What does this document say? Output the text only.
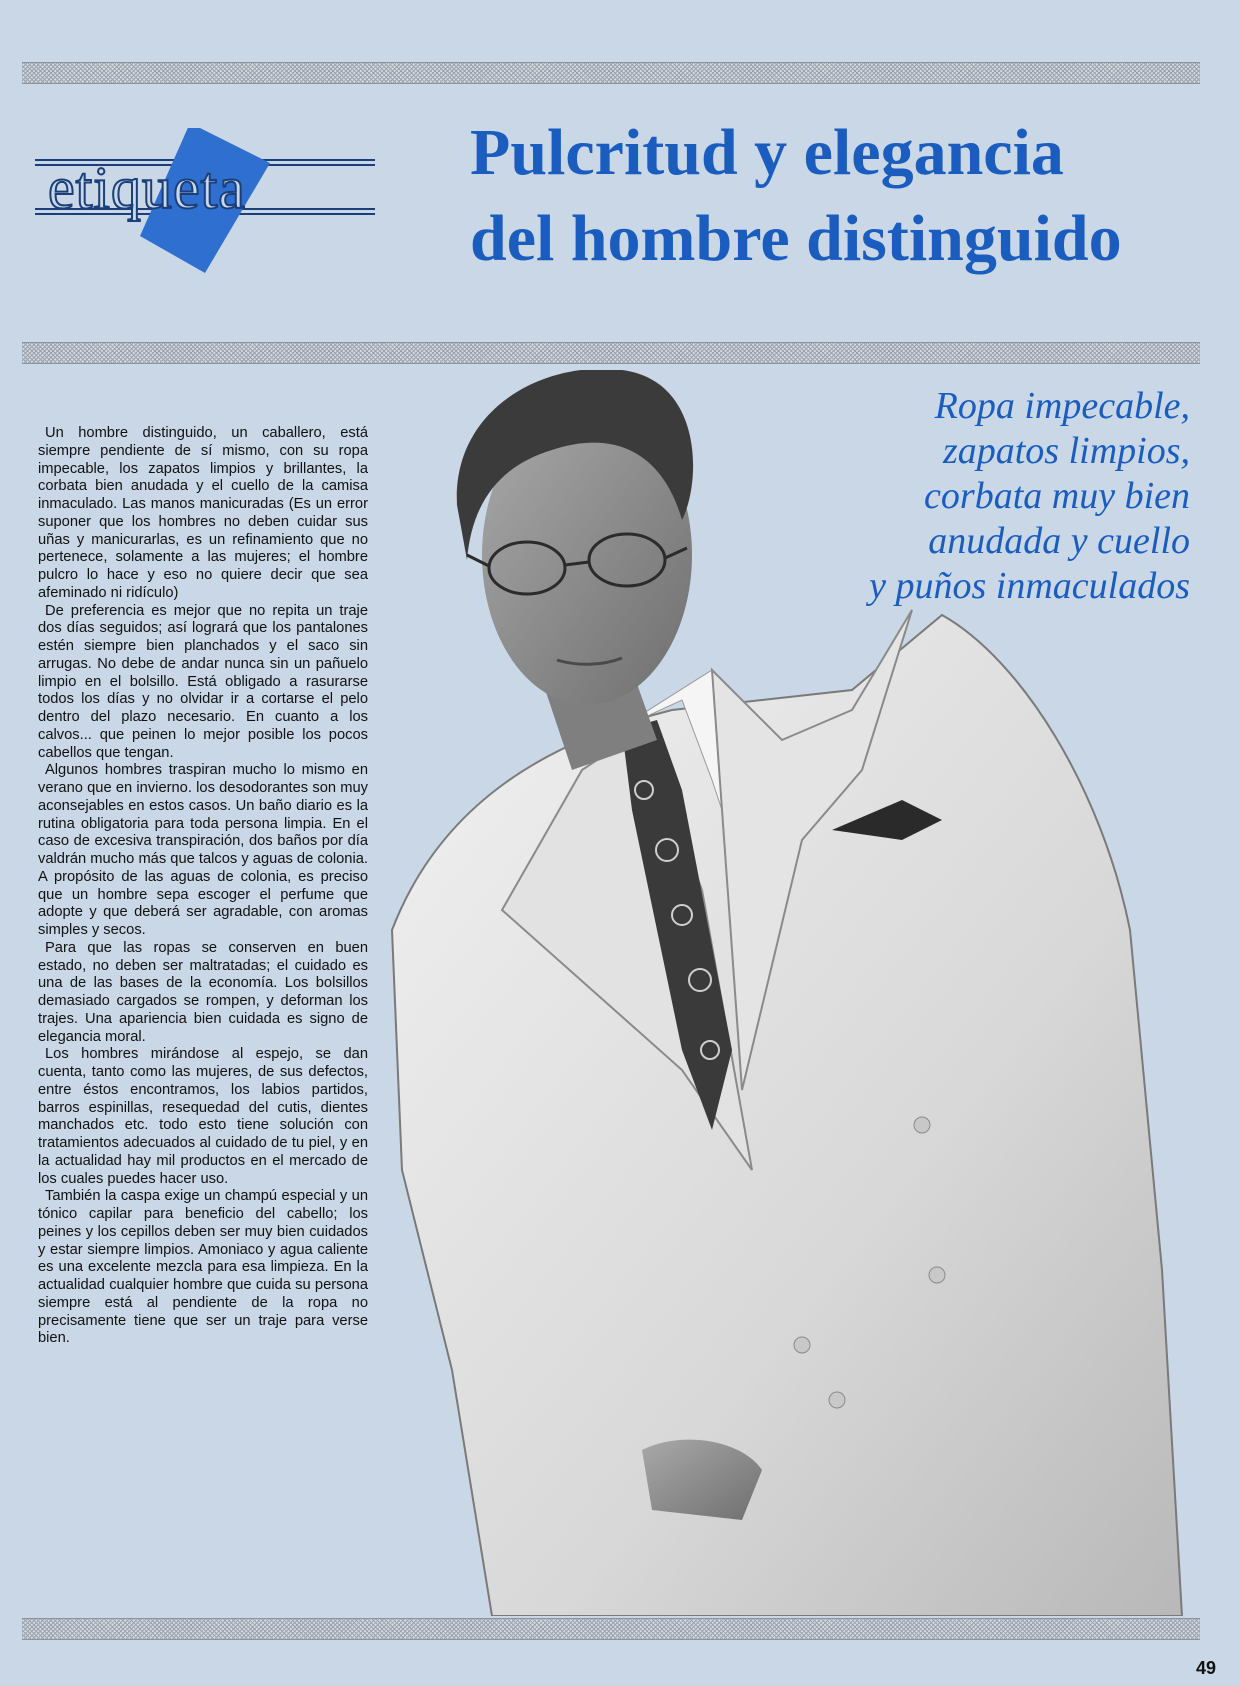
etiqueta	Pulcritud y elegancia
del hombre distinguido
Ropa impecable,
zapatos limpios,
corbata muy bien
anudada y cuello
y puños inmaculados

Un hombre distinguido, un caballero, está siempre pendiente de sí mismo, con su ropa impecable, los zapatos limpios y brillantes, la corbata bien anudada y el cuello de la camisa inmaculado. Las manos manicuradas (Es un error suponer que los hombres no deben cuidar sus uñas y manicurarlas, es un refinamiento que no pertenece, solamente a las mujeres; el hombre pulcro lo hace y eso no quiere decir que sea afeminado ni ridículo)

De preferencia es mejor que no repita un traje dos días seguidos; así logrará que los pantalones estén siempre bien planchados y el saco sin arrugas. No debe de andar nunca sin un pañuelo limpio en el bolsillo. Está obligado a rasurarse todos los días y no olvidar ir a cortarse el pelo dentro del plazo necesario. En cuanto a los calvos... que peinen lo mejor posible los pocos cabellos que tengan.

Algunos hombres traspiran mucho lo mismo en verano que en invierno. los desodorantes son muy aconsejables en estos casos. Un baño diario es la rutina obligatoria para toda persona limpia. En el caso de excesiva transpiración, dos baños por día valdrán mucho más que talcos y aguas de colonia. A propósito de las aguas de colonia, es preciso que un hombre sepa escoger el perfume que adopte y que deberá ser agradable, con aromas simples y secos.

Para que las ropas se conserven en buen estado, no deben ser maltratadas; el cuidado es una de las bases de la economía. Los bolsillos demasiado cargados se rompen, y deforman los trajes. Una apariencia bien cuidada es signo de elegancia moral.

Los hombres mirándose al espejo, se dan cuenta, tanto como las mujeres, de sus defectos, entre éstos encontramos, los labios partidos, barros espinillas, resequedad del cutis, dientes manchados etc. todo esto tiene solución con tratamientos adecuados al cuidado de tu piel, y en la actualidad hay mil productos en el mercado de los cuales puedes hacer uso.

También la caspa exige un champú especial y un tónico capilar para beneficio del cabello; los peines y los cepillos deben ser muy bien cuidados y estar siempre limpios. Amoniaco y agua caliente es una excelente mezcla para esa limpieza. En la actualidad cualquier hombre que cuida su persona siempre está al pendiente de la ropa no precisamente tiene que ser un traje para verse bien.

49
